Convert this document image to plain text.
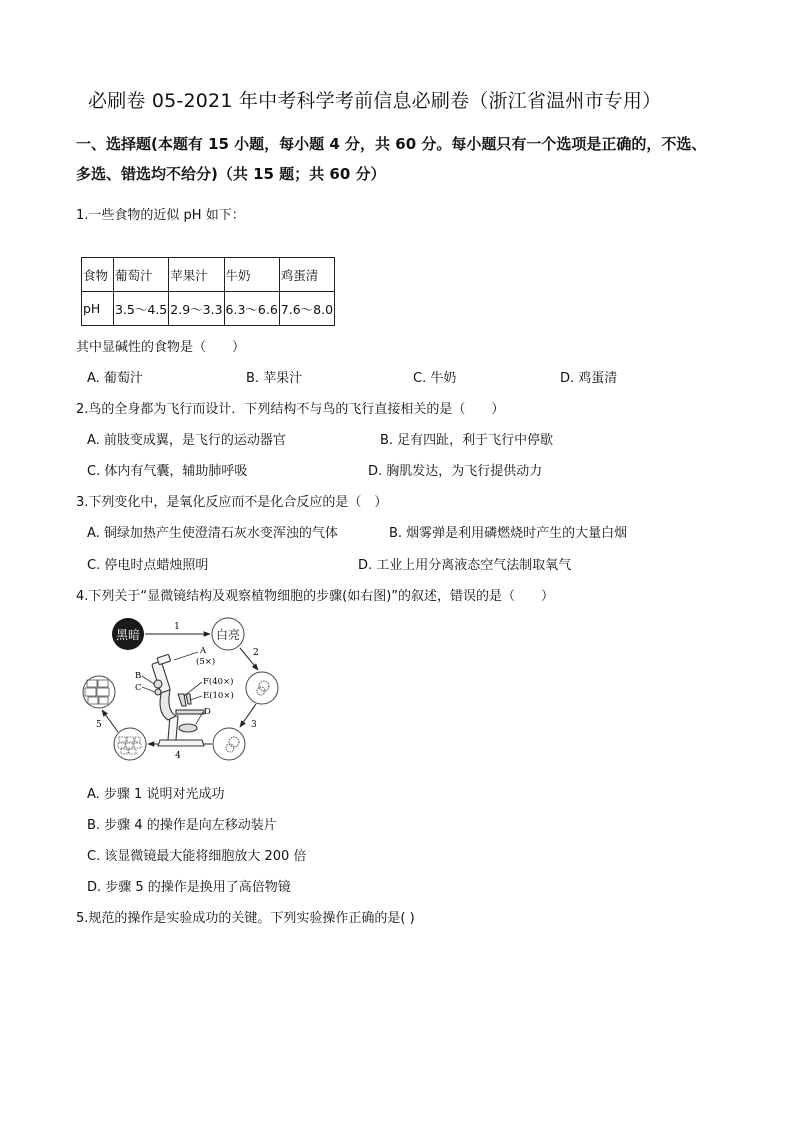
必刷卷 05-2021 年中考科学考前信息必刷卷（浙江省温州市专用）
一、选择题(本题有 15 小题，每小题 4 分，共 60 分。每小题只有一个选项是正确的，不选、
多选、错选均不给分)（共 15 题；共 60 分）
1.一些食物的近似 pH 如下：
食物	葡萄汁	苹果汁	牛奶	鸡蛋清
pH	3.5～4.5	2.9～3.3	6.3～6.6	7.6～8.0
其中显碱性的食物是（　　）
A. 葡萄汁	B. 苹果汁	C. 牛奶	D. 鸡蛋清
2.鸟的全身都为飞行而设计．下列结构不与鸟的飞行直接相关的是（　　）
A. 前肢变成翼，是飞行的运动器官	B. 足有四趾，利于飞行中停歇
C. 体内有气囊，辅助肺呼吸	D. 胸肌发达，为飞行提供动力
3.下列变化中，是氧化反应而不是化合反应的是（　）
A. 铜绿加热产生使澄清石灰水变浑浊的气体	B. 烟雾弹是利用磷燃烧时产生的大量白烟
C. 停电时点蜡烛照明	D. 工业上用分离液态空气法制取氧气
4.下列关于“显微镜结构及观察植物细胞的步骤(如右图)”的叙述，错误的是（　　）
黑暗	白亮
1
2
3
4
5
A
(5×)
B
C
F(40×)
E(10×)
D
A. 步骤 1 说明对光成功
B. 步骤 4 的操作是向左移动装片
C. 该显微镜最大能将细胞放大 200 倍
D. 步骤 5 的操作是换用了高倍物镜
5.规范的操作是实验成功的关键。下列实验操作正确的是( )
